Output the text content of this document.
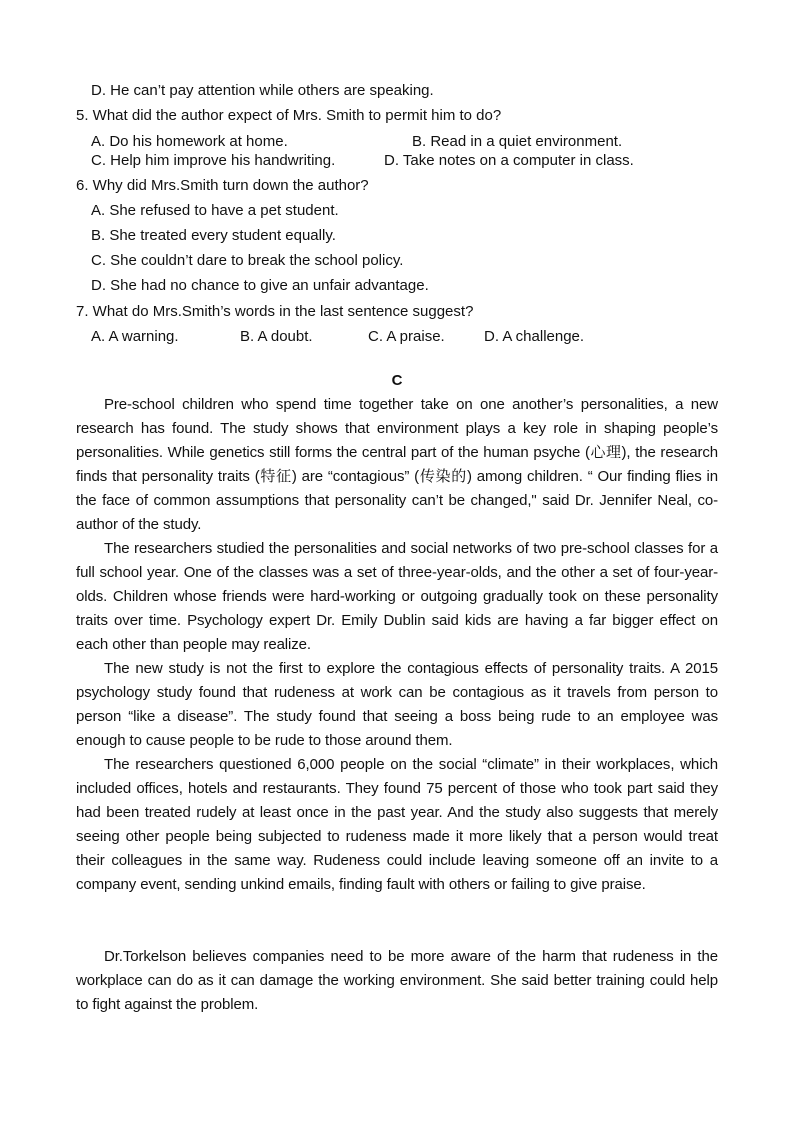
D. He can’t pay attention while others are speaking.
5. What did the author expect of Mrs. Smith to permit him to do?
A. Do his homework at home.	B. Read in a quiet environment.
C. Help him improve his handwriting.	D. Take notes on a computer in class.
6. Why did Mrs.Smith turn down the author?
A. She refused to have a pet student.
B. She treated every student equally.
C. She couldn’t dare to break the school policy.
D. She had no chance to give an unfair advantage.
7. What do Mrs.Smith’s words in the last sentence suggest?
A. A warning.	B. A doubt.	C. A praise.	D. A challenge.
C

Pre-school children who spend time together take on one another’s personalities, a new research has found. The study shows that environment plays a key role in shaping people’s personalities. While genetics still forms the central part of the human psyche (心理), the research finds that personality traits (特征) are “contagious” (传染的) among children. “ Our finding flies in the face of common assumptions that personality can’t be changed," said Dr. Jennifer Neal, co-author of the study.

The researchers studied the personalities and social networks of two pre-school classes for a full school year. One of the classes was a set of three-year-olds, and the other a set of four-year-olds. Children whose friends were hard-working or outgoing gradually took on these personality traits over time. Psychology expert Dr. Emily Dublin said kids are having a far bigger effect on each other than people may realize.

The new study is not the first to explore the contagious effects of personality traits. A 2015 psychology study found that rudeness at work can be contagious as it travels from person to person “like a disease”. The study found that seeing a boss being rude to an employee was enough to cause people to be rude to those around them.

The researchers questioned 6,000 people on the social “climate” in their workplaces, which included offices, hotels and restaurants. They found 75 percent of those who took part said they had been treated rudely at least once in the past year. And the study also suggests that merely seeing other people being subjected to rudeness made it more likely that a person would treat their colleagues in the same way. Rudeness could include leaving someone off an invite to a company event, sending unkind emails, finding fault with others or failing to give praise.

Dr.Torkelson believes companies need to be more aware of the harm that rudeness in the workplace can do as it can damage the working environment. She said better training could help to fight against the problem.
